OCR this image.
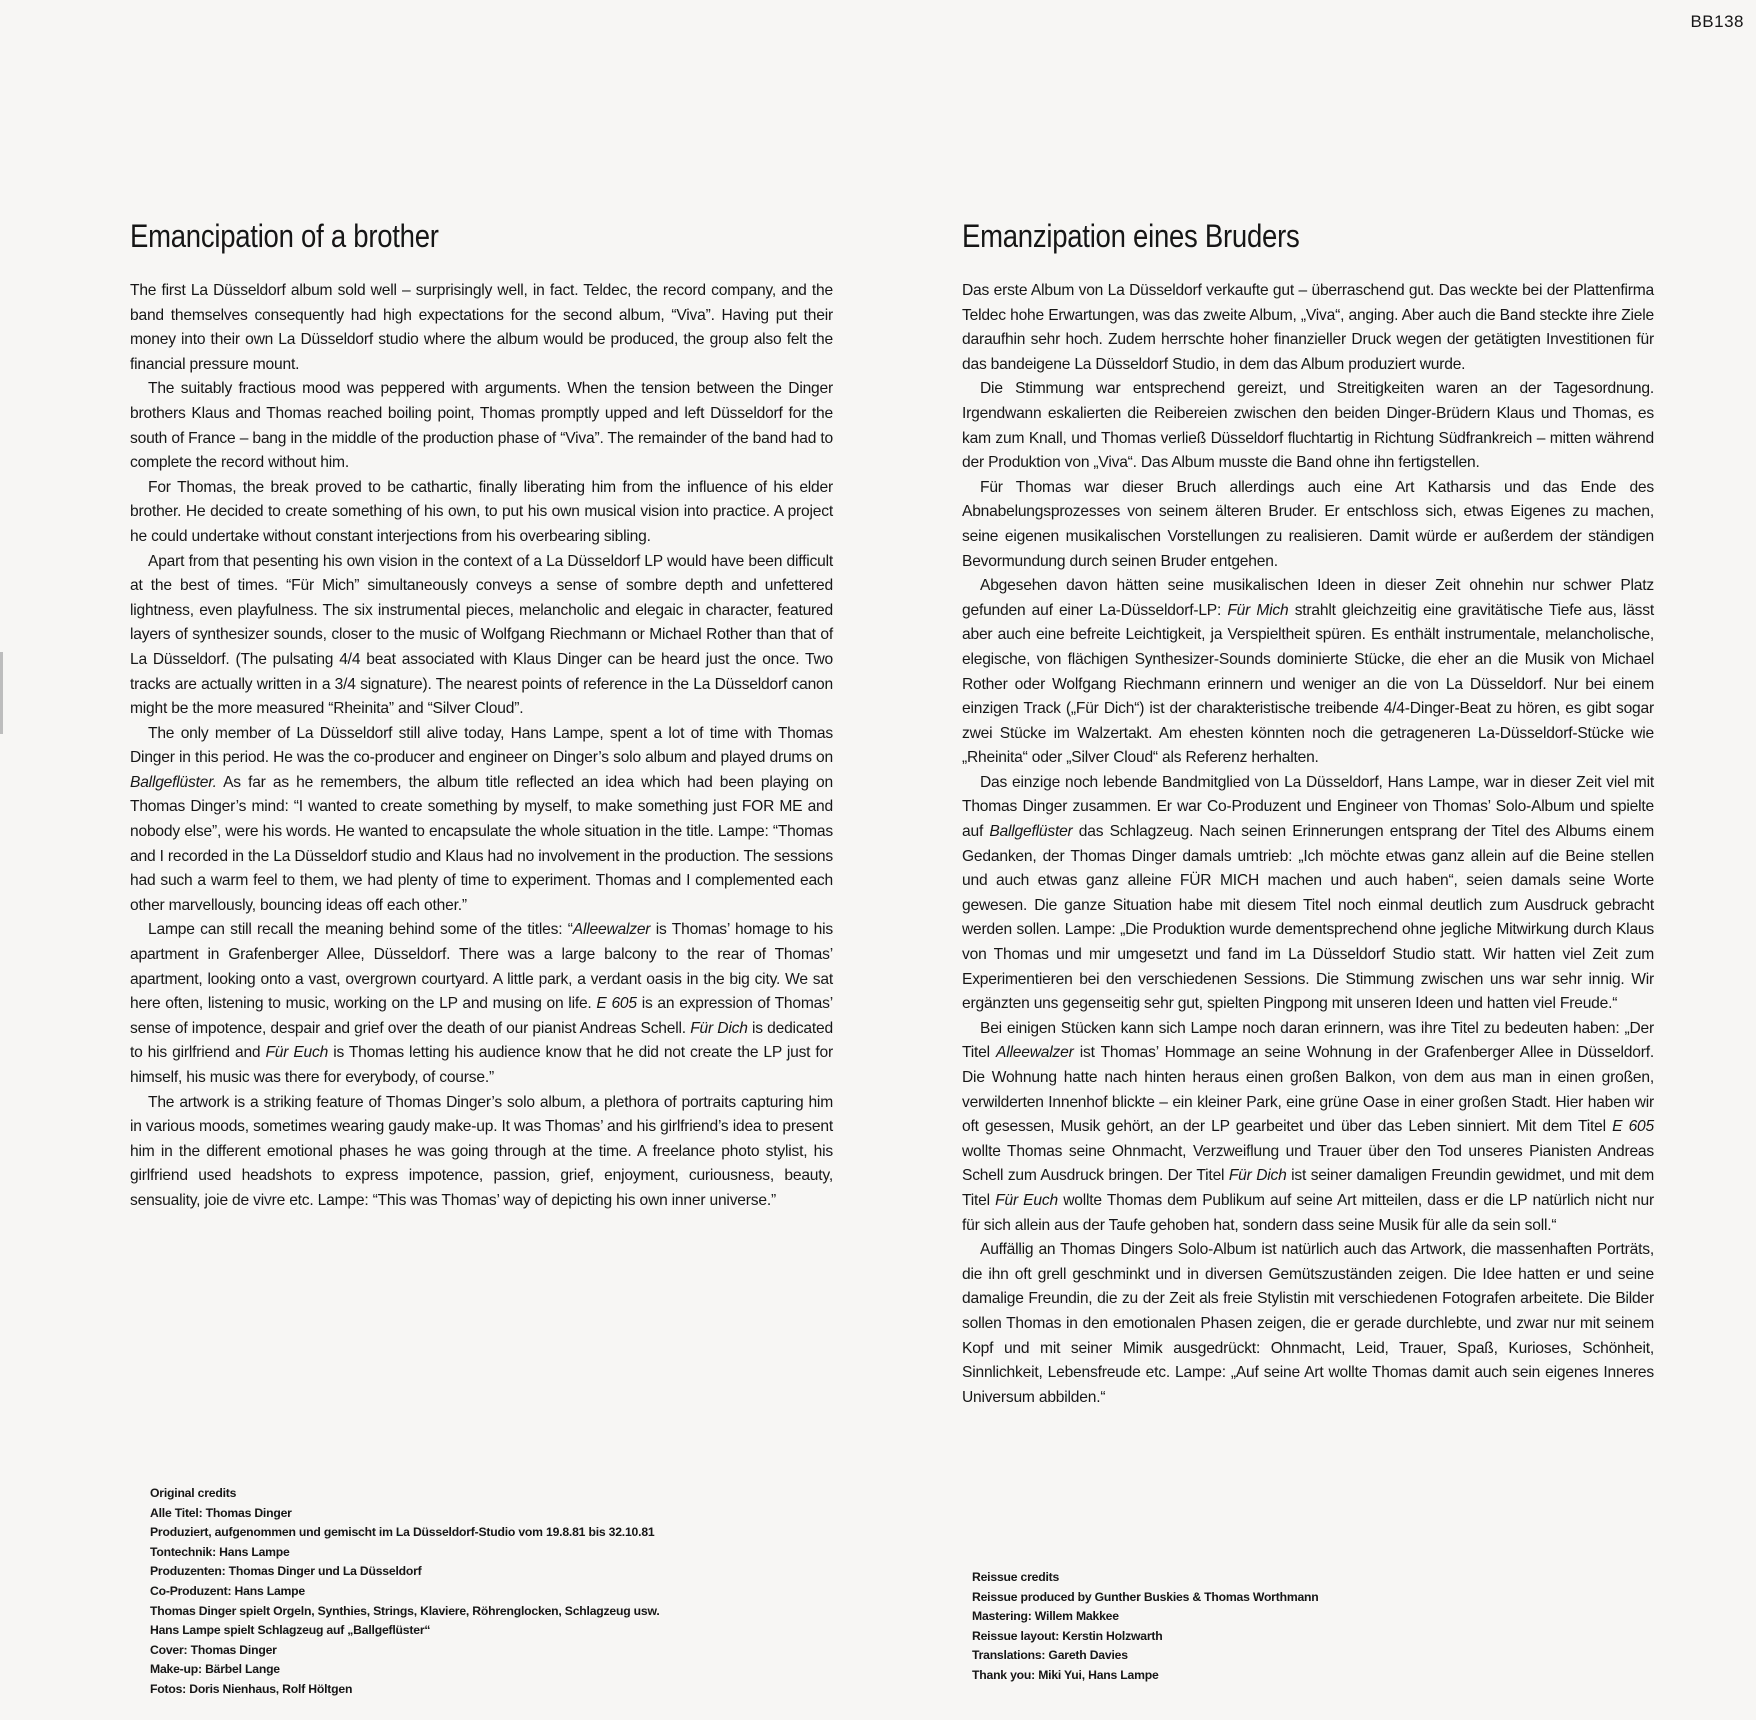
BB138
Emancipation of a brother

The first La Düsseldorf album sold well – surprisingly well, in fact. Teldec, the record company, and the band themselves consequently had high expectations for the second album, “Viva”. Having put their money into their own La Düsseldorf studio where the album would be produced, the group also felt the financial pressure mount.

The suitably fractious mood was peppered with arguments. When the tension between the Dinger brothers Klaus and Thomas reached boiling point, Thomas promptly upped and left Düsseldorf for the south of France – bang in the middle of the production phase of “Viva”. The remainder of the band had to complete the record without him.

For Thomas, the break proved to be cathartic, finally liberating him from the influence of his elder brother. He decided to create something of his own, to put his own musical vision into practice. A project he could undertake without constant interjections from his overbearing sibling.

Apart from that pesenting his own vision in the context of a La Düsseldorf LP would have been difficult at the best of times. “Für Mich” simultaneously conveys a sense of sombre depth and unfettered lightness, even playfulness. The six instrumental pieces, melancholic and elegaic in character, featured layers of synthesizer sounds, closer to the music of Wolfgang Riechmann or Michael Rother than that of La Düsseldorf. (The pulsating 4/4 beat associated with Klaus Dinger can be heard just the once. Two tracks are actually written in a 3/4 signature). The nearest points of reference in the La Düsseldorf canon might be the more measured “Rheinita” and “Silver Cloud”.

The only member of La Düsseldorf still alive today, Hans Lampe, spent a lot of time with Thomas Dinger in this period. He was the co-producer and engineer on Dinger’s solo album and played drums on Ballgeflüster. As far as he remembers, the album title reflected an idea which had been playing on Thomas Dinger’s mind: “I wanted to create something by myself, to make something just FOR ME and nobody else”, were his words. He wanted to encapsulate the whole situation in the title. Lampe: “Thomas and I recorded in the La Düsseldorf studio and Klaus had no involvement in the production. The sessions had such a warm feel to them, we had plenty of time to experiment. Thomas and I complemented each other marvellously, bouncing ideas off each other.”

Lampe can still recall the meaning behind some of the titles: “Alleewalzer is Thomas’ homage to his apartment in Grafenberger Allee, Düsseldorf. There was a large balcony to the rear of Thomas’ apartment, looking onto a vast, overgrown courtyard. A little park, a verdant oasis in the big city. We sat here often, listening to music, working on the LP and musing on life. E 605 is an expression of Thomas’ sense of impotence, despair and grief over the death of our pianist Andreas Schell. Für Dich is dedicated to his girlfriend and Für Euch is Thomas letting his audience know that he did not create the LP just for himself, his music was there for everybody, of course.”

The artwork is a striking feature of Thomas Dinger’s solo album, a plethora of portraits capturing him in various moods, sometimes wearing gaudy make-up. It was Thomas’ and his girlfriend’s idea to present him in the different emotional phases he was going through at the time. A freelance photo stylist, his girlfriend used headshots to express impotence, passion, grief, enjoyment, curiousness, beauty, sensuality, joie de vivre etc. Lampe: “This was Thomas’ way of depicting his own inner universe.”

Emanzipation eines Bruders

Das erste Album von La Düsseldorf verkaufte gut – überraschend gut. Das weckte bei der Plattenfirma Teldec hohe Erwartungen, was das zweite Album, „Viva“, anging. Aber auch die Band steckte ihre Ziele daraufhin sehr hoch. Zudem herrschte hoher finanzieller Druck wegen der getätigten Investitionen für das bandeigene La Düsseldorf Studio, in dem das Album produziert wurde.

Die Stimmung war entsprechend gereizt, und Streitigkeiten waren an der Tagesordnung. Irgendwann eskalierten die Reibereien zwischen den beiden Dinger-Brüdern Klaus und Thomas, es kam zum Knall, und Thomas verließ Düsseldorf fluchtartig in Richtung Südfrankreich – mitten während der Produktion von „Viva“. Das Album musste die Band ohne ihn fertigstellen.

Für Thomas war dieser Bruch allerdings auch eine Art Katharsis und das Ende des Abnabelungsprozesses von seinem älteren Bruder. Er entschloss sich, etwas Eigenes zu machen, seine eigenen musikalischen Vorstellungen zu realisieren. Damit würde er außerdem der ständigen Bevormundung durch seinen Bruder entgehen.

Abgesehen davon hätten seine musikalischen Ideen in dieser Zeit ohnehin nur schwer Platz gefunden auf einer La-Düsseldorf-LP: Für Mich strahlt gleichzeitig eine gravitätische Tiefe aus, lässt aber auch eine befreite Leichtigkeit, ja Verspieltheit spüren. Es enthält instrumentale, melancholische, elegische, von flächigen Synthesizer-Sounds dominierte Stücke, die eher an die Musik von Michael Rother oder Wolfgang Riechmann erinnern und weniger an die von La Düsseldorf. Nur bei einem einzigen Track („Für Dich“) ist der charakteristische treibende 4/4-Dinger-Beat zu hören, es gibt sogar zwei Stücke im Walzertakt. Am ehesten könnten noch die getrageneren La-Düsseldorf-Stücke wie „Rheinita“ oder „Silver Cloud“ als Referenz herhalten.

Das einzige noch lebende Bandmitglied von La Düsseldorf, Hans Lampe, war in dieser Zeit viel mit Thomas Dinger zusammen. Er war Co-Produzent und Engineer von Thomas’ Solo-Album und spielte auf Ballgeflüster das Schlagzeug. Nach seinen Erinnerungen entsprang der Titel des Albums einem Gedanken, der Thomas Dinger damals umtrieb: „Ich möchte etwas ganz allein auf die Beine stellen und auch etwas ganz alleine FÜR MICH machen und auch haben“, seien damals seine Worte gewesen. Die ganze Situation habe mit diesem Titel noch einmal deutlich zum Ausdruck gebracht werden sollen. Lampe: „Die Produktion wurde dementsprechend ohne jegliche Mitwirkung durch Klaus von Thomas und mir umgesetzt und fand im La Düsseldorf Studio statt. Wir hatten viel Zeit zum Experimentieren bei den verschiedenen Sessions. Die Stimmung zwischen uns war sehr innig. Wir ergänzten uns gegenseitig sehr gut, spielten Pingpong mit unseren Ideen und hatten viel Freude.“

Bei einigen Stücken kann sich Lampe noch daran erinnern, was ihre Titel zu bedeuten haben: „Der Titel Alleewalzer ist Thomas’ Hommage an seine Wohnung in der Grafenberger Allee in Düsseldorf. Die Wohnung hatte nach hinten heraus einen großen Balkon, von dem aus man in einen großen, verwilderten Innenhof blickte – ein kleiner Park, eine grüne Oase in einer großen Stadt. Hier haben wir oft gesessen, Musik gehört, an der LP gearbeitet und über das Leben sinniert. Mit dem Titel E 605 wollte Thomas seine Ohnmacht, Verzweiflung und Trauer über den Tod unseres Pianisten Andreas Schell zum Ausdruck bringen. Der Titel Für Dich ist seiner damaligen Freundin gewidmet, und mit dem Titel Für Euch wollte Thomas dem Publikum auf seine Art mitteilen, dass er die LP natürlich nicht nur für sich allein aus der Taufe gehoben hat, sondern dass seine Musik für alle da sein soll.“

Auffällig an Thomas Dingers Solo-Album ist natürlich auch das Artwork, die massenhaften Porträts, die ihn oft grell geschminkt und in diversen Gemütszuständen zeigen. Die Idee hatten er und seine damalige Freundin, die zu der Zeit als freie Stylistin mit verschiedenen Fotografen arbeitete. Die Bilder sollen Thomas in den emotionalen Phasen zeigen, die er gerade durchlebte, und zwar nur mit seinem Kopf und mit seiner Mimik ausgedrückt: Ohnmacht, Leid, Trauer, Spaß, Kurioses, Schönheit, Sinnlichkeit, Lebensfreude etc. Lampe: „Auf seine Art wollte Thomas damit auch sein eigenes Inneres Universum abbilden.“

Original credits
Alle Titel: Thomas Dinger
Produziert, aufgenommen und gemischt im La Düsseldorf-Studio vom 19.8.81 bis 32.10.81
Tontechnik: Hans Lampe
Produzenten: Thomas Dinger und La Düsseldorf
Co-Produzent: Hans Lampe
Thomas Dinger spielt Orgeln, Synthies, Strings, Klaviere, Röhrenglocken, Schlagzeug usw.
Hans Lampe spielt Schlagzeug auf „Ballgeflüster“
Cover: Thomas Dinger
Make-up: Bärbel Lange
Fotos: Doris Nienhaus, Rolf Höltgen
Reissue credits
Reissue produced by Gunther Buskies & Thomas Worthmann
Mastering: Willem Makkee
Reissue layout: Kerstin Holzwarth
Translations: Gareth Davies
Thank you: Miki Yui, Hans Lampe
